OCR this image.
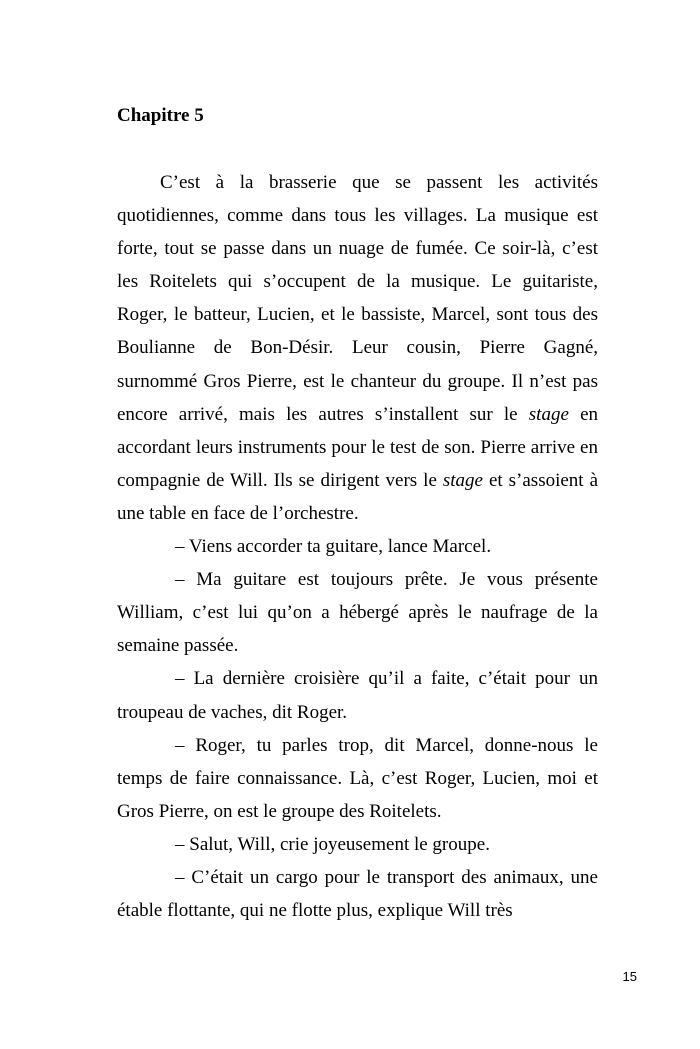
Chapitre 5

C’est à la brasserie que se passent les activités quotidiennes, comme dans tous les villages. La musique est forte, tout se passe dans un nuage de fumée. Ce soir-là, c’est les Roitelets qui s’occupent de la musique. Le guitariste, Roger, le batteur, Lucien, et le bassiste, Marcel, sont tous des Boulianne de Bon-Désir. Leur cousin, Pierre Gagné, surnommé Gros Pierre, est le chanteur du groupe. Il n’est pas encore arrivé, mais les autres s’installent sur le stage en accordant leurs instruments pour le test de son. Pierre arrive en compagnie de Will. Ils se dirigent vers le stage et s’assoient à une table en face de l’orchestre.

– Viens accorder ta guitare, lance Marcel.

– Ma guitare est toujours prête. Je vous présente William, c’est lui qu’on a hébergé après le naufrage de la semaine passée.

– La dernière croisière qu’il a faite, c’était pour un troupeau de vaches, dit Roger.

– Roger, tu parles trop, dit Marcel, donne-nous le temps de faire connaissance. Là, c’est Roger, Lucien, moi et Gros Pierre, on est le groupe des Roitelets.

– Salut, Will, crie joyeusement le groupe.

– C’était un cargo pour le transport des animaux, une étable flottante, qui ne flotte plus, explique Will très

15
